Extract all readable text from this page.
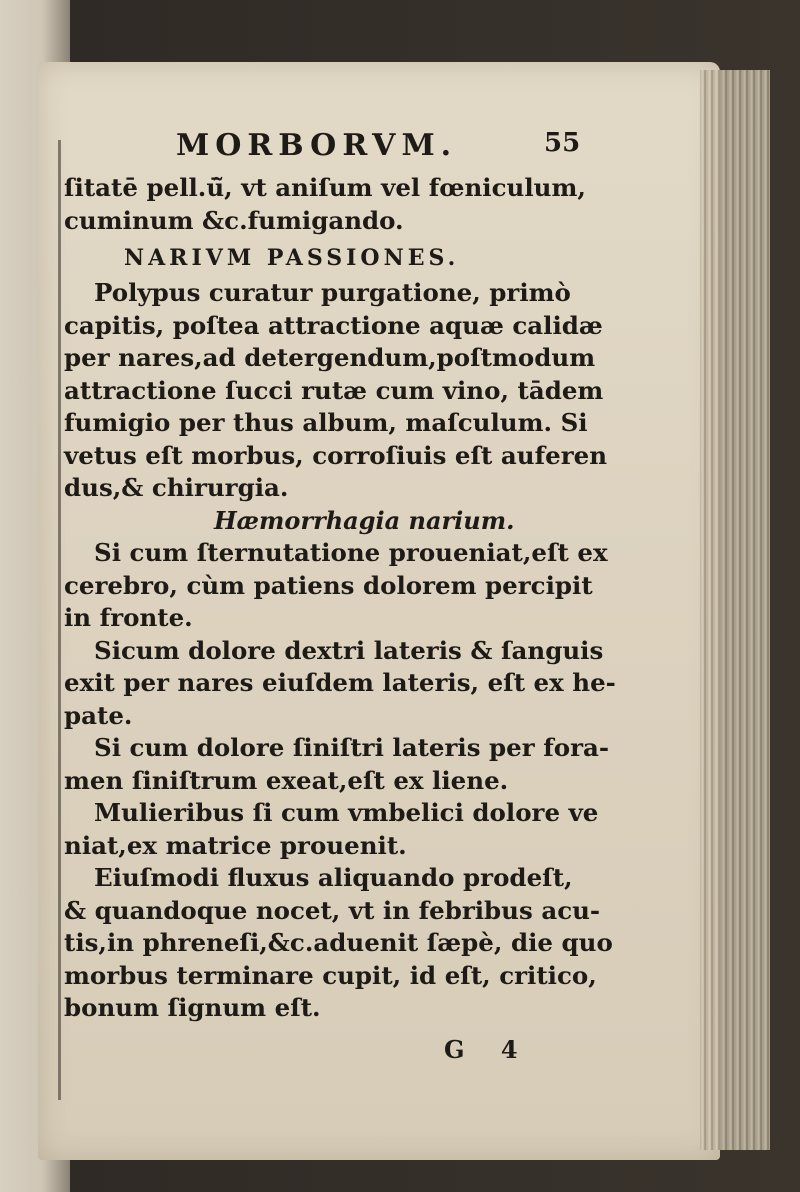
MORBORVM.	55
ſitatē pell.ū̃, vt aniſum vel fœniculum,
cuminum &c.fumigando.
NARIVM PASSIONES.
Polypus curatur purgatione, primò
capitis, poſtea attractione aquæ calidæ
per nares,ad detergendum,poſtmodum
attractione ſucci rutæ cum vino, tādem
fumigio per thus album, maſculum. Si
vetus eſt morbus, corroſiuis eſt auferen
dus,& chirurgia.
Hæmorrhagia narium.
Si cum ſternutatione proueniat,eſt ex
cerebro, cùm patiens dolorem percipit
in fronte.
Sicum dolore dextri lateris & ſanguis
exit per nares eiuſdem lateris, eſt ex he-
pate.
Si cum dolore ſiniſtri lateris per fora-
men ſiniſtrum exeat,eſt ex liene.
Mulieribus ſi cum vmbelici dolore ve
niat,ex matrice prouenit.
Eiuſmodi fluxus aliquando prodeſt,
& quandoque nocet, vt in febribus acu-
tis,in phreneſi,&c.aduenit ſæpè, die quo
morbus terminare cupit, id eſt, critico,
bonum ſignum eſt.
G 4
